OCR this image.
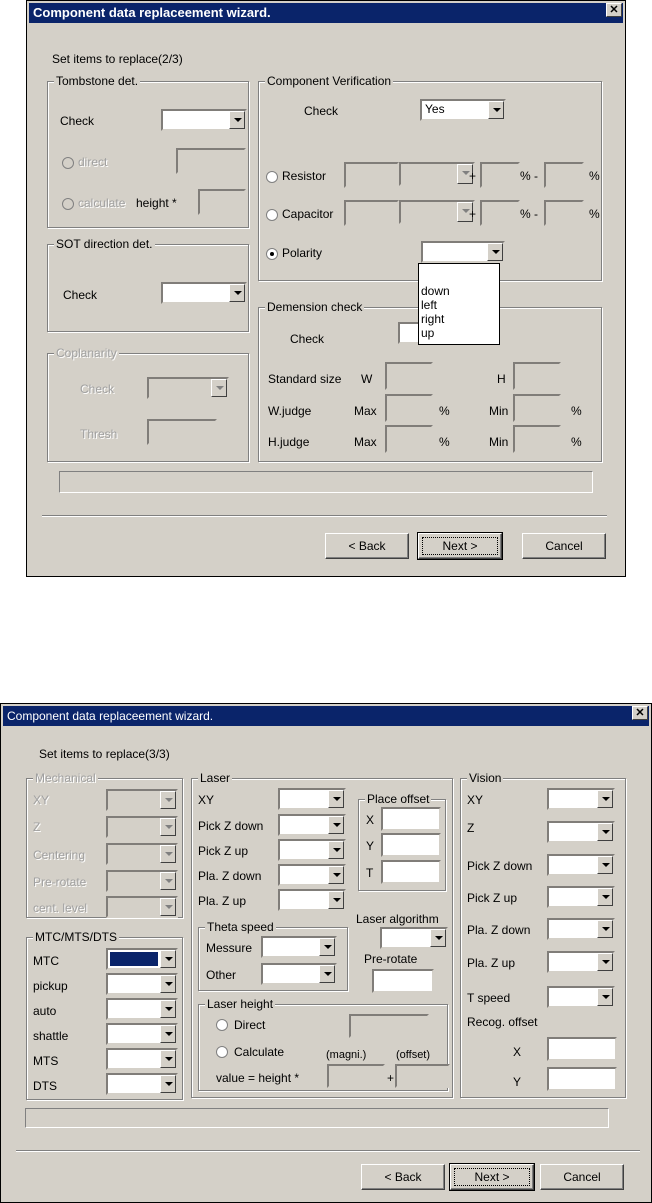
Component data replaceement wizard.	✕
Set items to replace(2/3)
Tombstone det.
Check
direct
calculate height *
SOT direction det.
Check
Coplanarity
Check
Thresh
Component Verification
Check	Yes
Resistor	+	% -	%
Capacitor	+	% -	%
Polarity
Demension check
Check
Standard size W	H
W.judge	Max	%	Min	%
H.judge	Max	%	Min	%
down
left
right
up
< Back	Next >	Cancel
Component data replaceement wizard.	✕
Set items to replace(3/3)
Mechanical
XY
Z
Centering
Pre-rotate
cent. level
MTC/MTS/DTS
MTC
pickup
auto
shattle
MTS
DTS
Laser
XY
Pick Z down
Pick Z up
Pla. Z down
Pla. Z up
Place offset
X
Y
T
Theta speed
Messure
Other
Laser algorithm
Pre-rotate
Laser height
Direct
Calculate	(magni.)	(offset)
value = height *	+
Vision
XY
Z
Pick Z down
Pick Z up
Pla. Z down
Pla. Z up
T speed
Recog. offset
X
Y
< Back	Next >	Cancel
